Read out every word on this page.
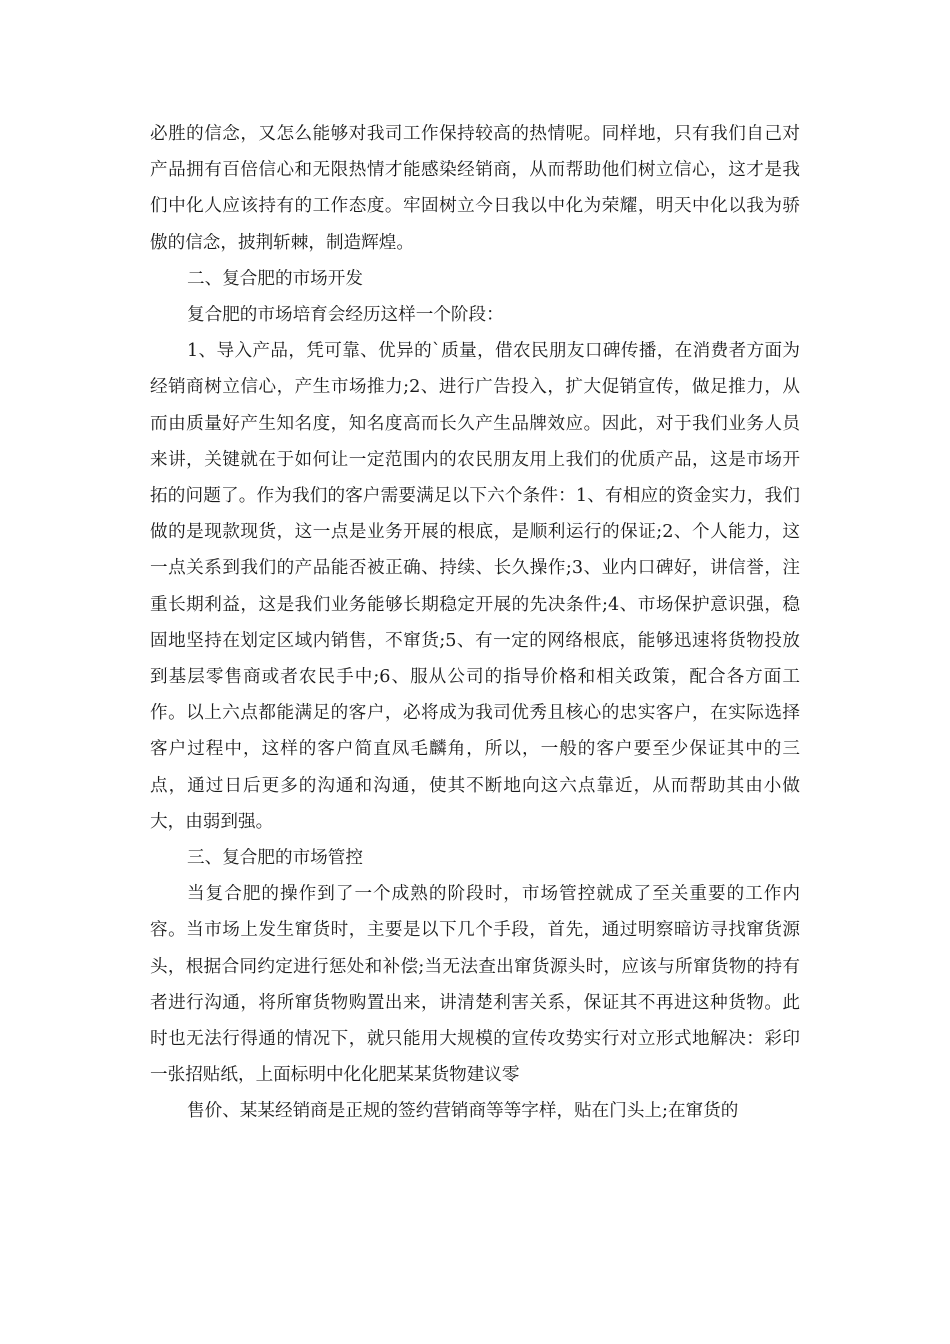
必胜的信念，又怎么能够对我司工作保持较高的热情呢。同样地，只有我们自己对产品拥有百倍信心和无限热情才能感染经销商，从而帮助他们树立信心，这才是我们中化人应该持有的工作态度。牢固树立今日我以中化为荣耀，明天中化以我为骄傲的信念，披荆斩棘，制造辉煌。

二、复合肥的市场开发

复合肥的市场培育会经历这样一个阶段：

1、导入产品，凭可靠、优异的`质量，借农民朋友口碑传播，在消费者方面为经销商树立信心，产生市场推力;2、进行广告投入，扩大促销宣传，做足推力，从而由质量好产生知名度，知名度高而长久产生品牌效应。因此，对于我们业务人员来讲，关键就在于如何让一定范围内的农民朋友用上我们的优质产品，这是市场开拓的问题了。作为我们的客户需要满足以下六个条件：1、有相应的资金实力，我们做的是现款现货，这一点是业务开展的根底，是顺利运行的保证;2、个人能力，这一点关系到我们的产品能否被正确、持续、长久操作;3、业内口碑好，讲信誉，注重长期利益，这是我们业务能够长期稳定开展的先决条件;4、市场保护意识强，稳固地坚持在划定区域内销售，不窜货;5、有一定的网络根底，能够迅速将货物投放到基层零售商或者农民手中;6、服从公司的指导价格和相关政策，配合各方面工作。以上六点都能满足的客户，必将成为我司优秀且核心的忠实客户，在实际选择客户过程中，这样的客户简直凤毛麟角，所以，一般的客户要至少保证其中的三点，通过日后更多的沟通和沟通，使其不断地向这六点靠近，从而帮助其由小做大，由弱到强。

三、复合肥的市场管控

当复合肥的操作到了一个成熟的阶段时，市场管控就成了至关重要的工作内容。当市场上发生窜货时，主要是以下几个手段，首先，通过明察暗访寻找窜货源头，根据合同约定进行惩处和补偿;当无法查出窜货源头时，应该与所窜货物的持有者进行沟通，将所窜货物购置出来，讲清楚利害关系，保证其不再进这种货物。此时也无法行得通的情况下，就只能用大规模的宣传攻势实行对立形式地解决：彩印一张招贴纸，上面标明中化化肥某某货物建议零

售价、某某经销商是正规的签约营销商等等字样，贴在门头上;在窜货的
